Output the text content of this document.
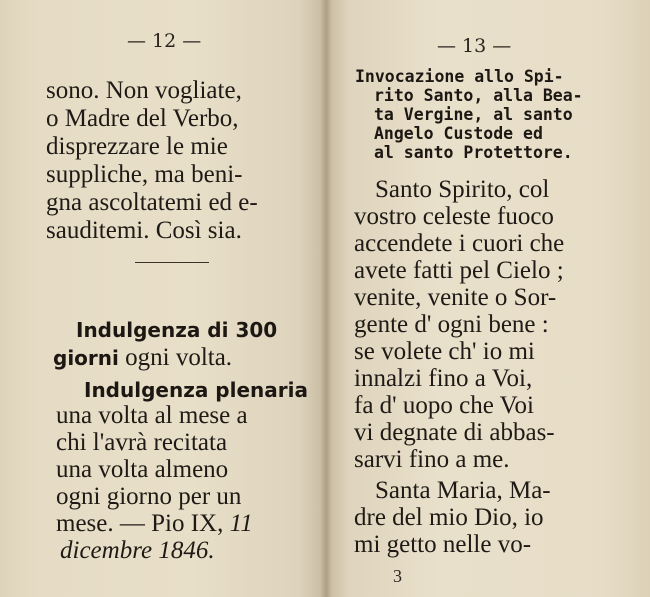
— 12 —
sono. Non vogliate,
o Madre del Verbo,
disprezzare le mie
suppliche, ma beni-
gna ascoltatemi ed e-
sauditemi. Così sia.
Indulgenza di 300
giorni ogni volta.
Indulgenza plenaria
una volta al mese a
chi l'avrà recitata
una volta almeno
ogni giorno per un
mese. — Pio IX, 11
dicembre 1846.
— 13 —
Invocazione allo Spi-
rito Santo, alla Bea-
ta Vergine, al santo
Angelo Custode ed
al santo Protettore.
Santo Spirito, col
vostro celeste fuoco
accendete i cuori che
avete fatti pel Cielo ;
venite, venite o Sor-
gente d' ogni bene :
se volete ch' io mi
innalzi fino a Voi,
fa d' uopo che Voi
vi degnate di abbas-
sarvi fino a me.
Santa Maria, Ma-
dre del mio Dio, io
mi getto nelle vo-
3
